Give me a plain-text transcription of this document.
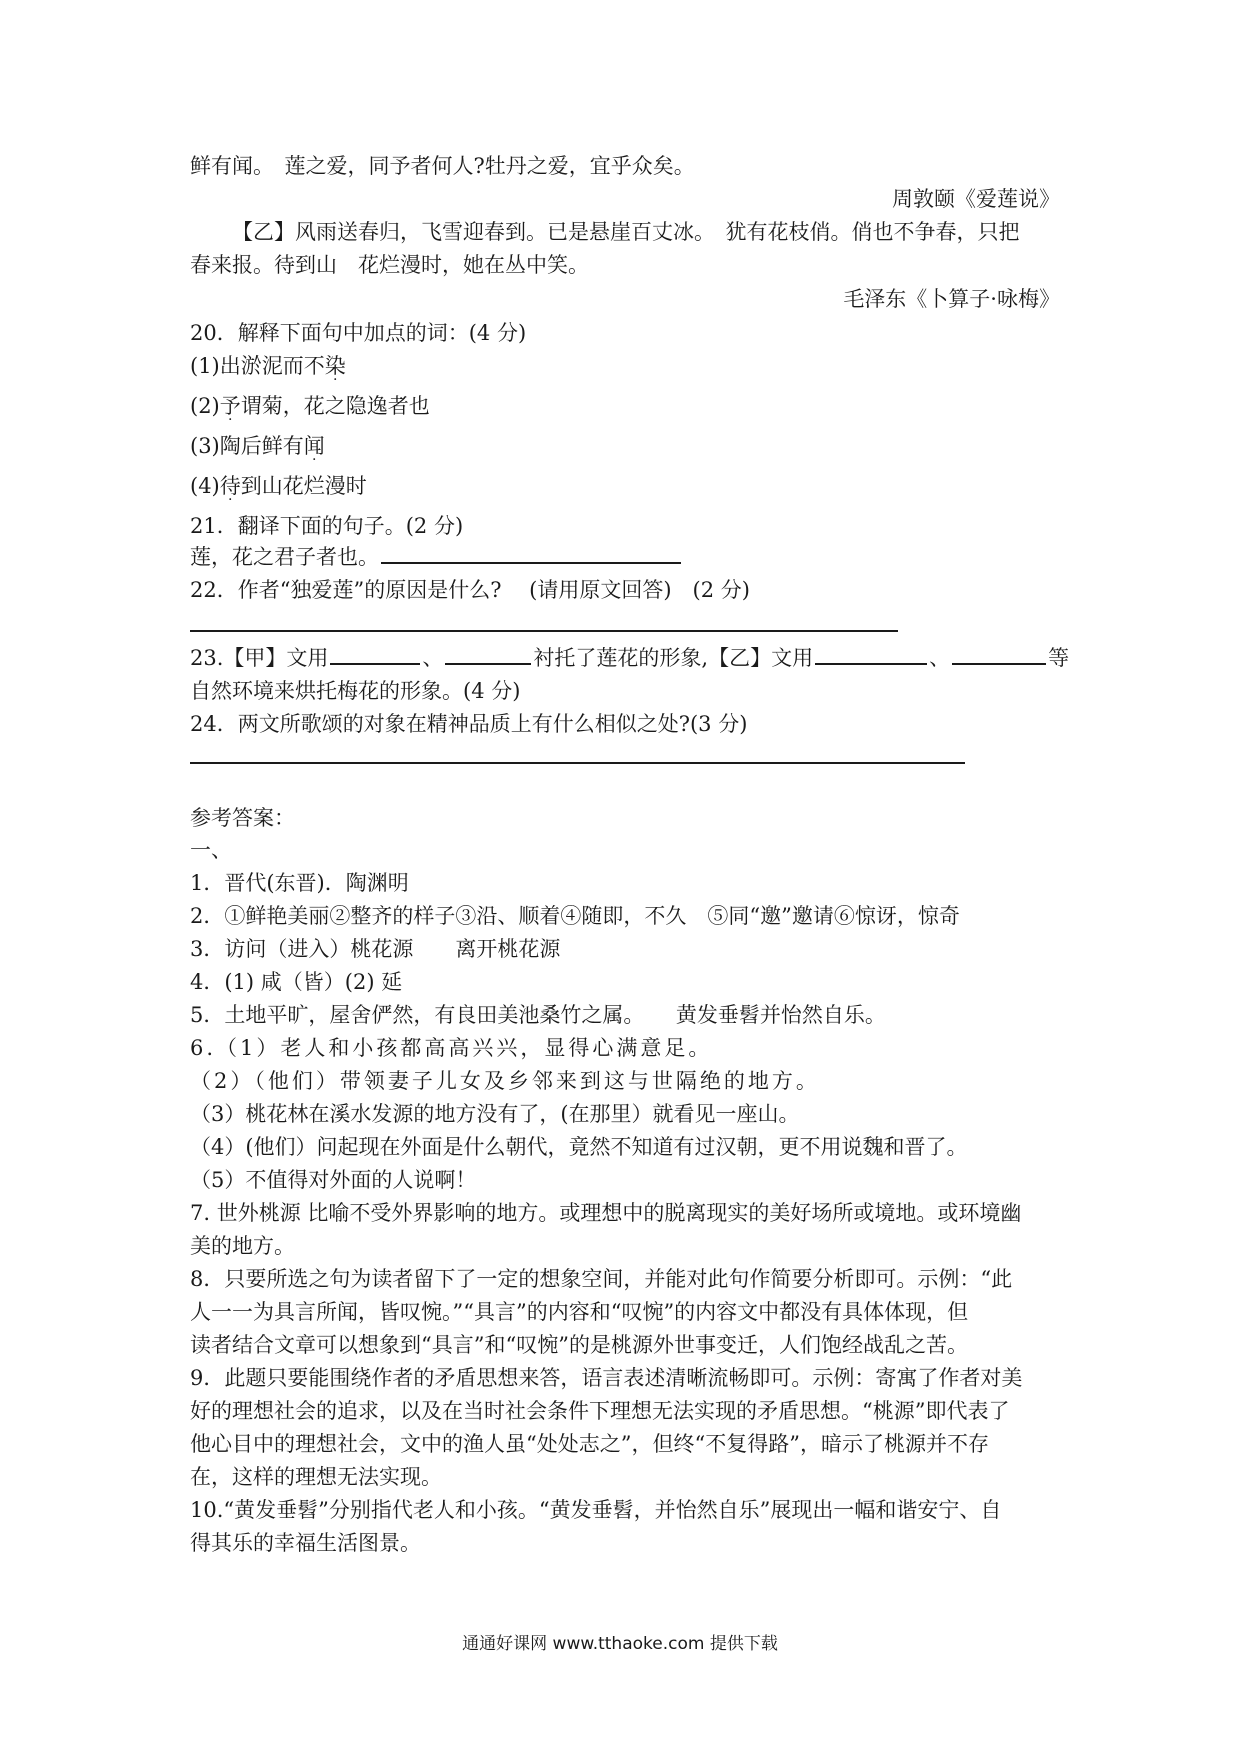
鲜有闻。　莲之爱，同予者何人?牡丹之爱，宜乎众矣。
周敦颐《爱莲说》
【乙】风雨送春归，飞雪迎春到。已是悬崖百丈冰。　犹有花枝俏。俏也不争春，只把
春来报。待到山　花烂漫时，她在丛中笑。
毛泽东《卜算子·咏梅》
20．解释下面句中加点的词：(4 分)
(1)出淤泥而不染
(2)予谓菊，花之隐逸者也
(3)陶后鲜有闻
(4)待到山花烂漫时
21．翻译下面的句子。(2 分)
莲，花之君子者也。
22．作者“独爱莲”的原因是什么?　 (请用原文回答)　(2 分)
23.【甲】文用	、	衬托了莲花的形象,【乙】文用	、	等
自然环境来烘托梅花的形象。(4 分)
24．两文所歌颂的对象在精神品质上有什么相似之处?(3 分)
参考答案：
一、
1．晋代(东晋)．陶渊明
2．①鲜艳美丽②整齐的样子③沿、顺着④随即，不久　⑤同“邀”邀请⑥惊讶，惊奇
3．访问（进入）桃花源　　离开桃花源
4．(1) 咸（皆）(2) 延
5．土地平旷，屋舍俨然，有良田美池桑竹之属。　　黄发垂髫并怡然自乐。
6.（1）老人和小孩都高高兴兴，显得心满意足。
（2）（他们）带领妻子儿女及乡邻来到这与世隔绝的地方。
（3）桃花林在溪水发源的地方没有了，(在那里）就看见一座山。
（4）(他们）问起现在外面是什么朝代，竟然不知道有过汉朝，更不用说魏和晋了。
（5）不值得对外面的人说啊！
7. 世外桃源 比喻不受外界影响的地方。或理想中的脱离现实的美好场所或境地。或环境幽
美的地方。
8．只要所选之句为读者留下了一定的想象空间，并能对此句作简要分析即可。示例：“此
人一一为具言所闻，皆叹惋。”“具言”的内容和“叹惋”的内容文中都没有具体体现，但
读者结合文章可以想象到“具言”和“叹惋”的是桃源外世事变迁，人们饱经战乱之苦。
9．此题只要能围绕作者的矛盾思想来答，语言表述清晰流畅即可。示例：寄寓了作者对美
好的理想社会的追求，以及在当时社会条件下理想无法实现的矛盾思想。“桃源”即代表了
他心目中的理想社会，文中的渔人虽“处处志之”，但终“不复得路”，暗示了桃源并不存
在，这样的理想无法实现。
10.“黄发垂髫”分别指代老人和小孩。“黄发垂髫，并怡然自乐”展现出一幅和谐安宁、自
得其乐的幸福生活图景。
通通好课网 www.tthaoke.com 提供下载
